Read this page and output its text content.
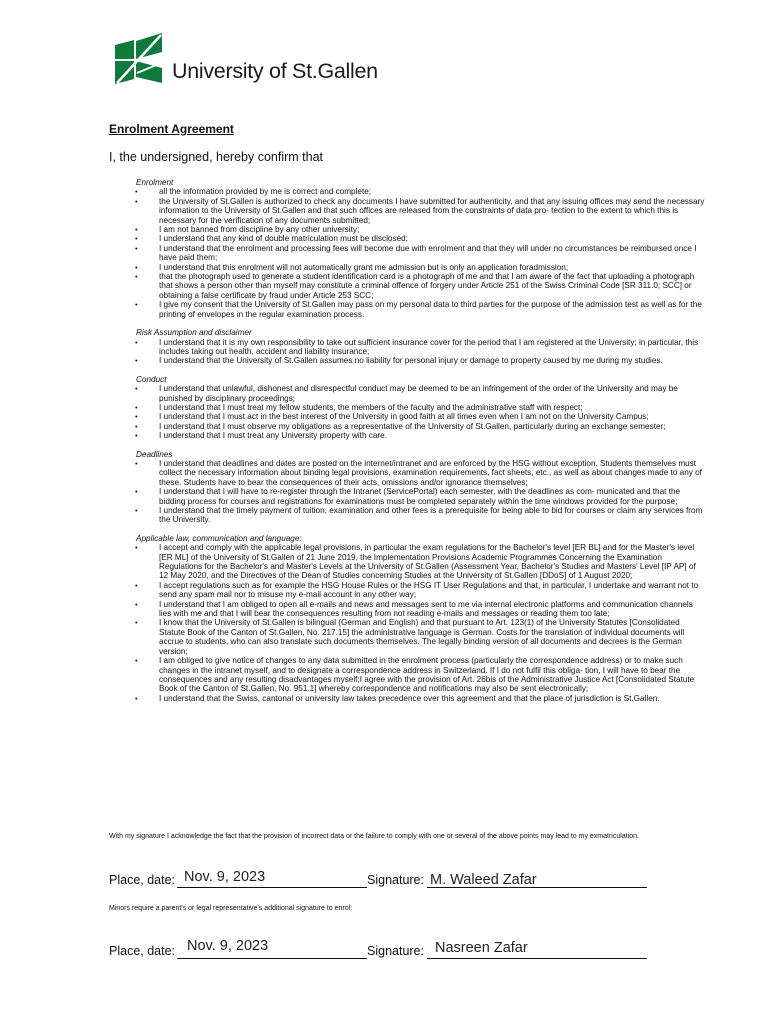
University of St.Gallen
Enrolment Agreement
I, the undersigned, hereby confirm that
Enrolment
• all the information provided by me is correct and complete;
• the University of St.Gallen is authorized to check any documents I have submitted for authenticity, and that any issuing offices may send the necessary information to the University of St.Gallen and that such offices are released from the constraints of data pro- tection to the extent to which this is necessary for the verification of any documents submitted;
• I am not banned from discipline by any other university;
• I understand that any kind of double matriculation must be disclosed;
• I understand that the enrolment and processing fees will become due with enrolment and that they will under no circumstances be reimbursed once I have paid them;
• I understand that this enrolment will not automatically grant me admission but is only an application foradmission;
• that the photograph used to generate a student identification card is a photograph of me and that I am aware of the fact that uploading a photograph that shows a person other than myself may constitute a criminal offence of forgery under Article 251 of the Swiss Criminal Code [SR 311.0; SCC] or obtaining a false certificate by fraud under Article 253 SCC;
• I give my consent that the University of St.Gallen may pass on my personal data to third parties for the purpose of the admission test as well as for the printing of envelopes in the regular examination process.
Risk Assumption and disclaimer
• I understand that it is my own responsibility to take out sufficient insurance cover for the period that I am registered at the University; in particular, this includes taking out health, accident and liability insurance;
• I understand that the University of St.Gallen assumes no liability for personal injury or damage to property caused by me during my studies.
Conduct
• I understand that unlawful, dishonest and disrespectful conduct may be deemed to be an infringement of the order of the University and may be punished by disciplinary proceedings;
• I understand that I must treat my fellow students, the members of the faculty and the administrative staff with respect;
• I understand that I must act in the best interest of the University in good faith at all times even when I am not on the University Campus;
• I understand that I must observe my obligations as a representative of the University of St.Gallen, particularly during an exchange semester;
• I understand that I must treat any University property with care.
Deadlines
• I understand that deadlines and dates are posted on the internet/intranet and are enforced by the HSG without exception. Students themselves must collect the necessary information about binding legal provisions, examination requirements, fact sheets, etc., as well as about changes made to any of these. Students have to bear the consequences of their acts, omissions and/or ignorance themselves;
• I understand that I will have to re-register through the Intranet (ServicePortal) each semester, with the deadlines as com- municated and that the bidding process for courses and registrations for examinations must be completed separately within the time windows provided for the purpose;
• I understand that the timely payment of tuition, examination and other fees is a prerequisite for being able to bid for courses or claim any services from the University.
Applicable law, communication and language:
• I accept and comply with the applicable legal provisions, in particular the exam regulations for the Bachelor's level [ER BL] and for the Master's level [ER ML] of the University of St.Gallen of 21 June 2019, the Implementation Provisions Academic Programmes Concerning the Examination Regulations for the Bachelor's and Master's Levels at the University of St.Gallen (Assessment Year, Bachelor's Studies and Masters' Level [IP AP] of 12 May 2020, and the Directives of the Dean of Studies concerning Studies at the University of St.Gallen [DDoS] of 1 August 2020;
• I accept regulations such as for example the HSG House Rules or the HSG IT User Regulations and that, in particular, I undertake and warrant not to send any spam mail nor to misuse my e-mail account in any other way;
• I understand that I am obliged to open all e-mails and news and messages sent to me via internal electronic platforms and communication channels lies with me and that I will bear the consequences resulting from not reading e-mails and messages or reading them too late;
• I know that the University of St.Gallen is bilingual (German and English) and that pursuant to Art. 123(1) of the University Statutes [Consolidated Statute Book of the Canton of St.Gallen, No. 217.15] the administrative language is German. Costs for the translation of individual documents will accrue to students, who can also translate such documents themselves. The legally binding version of all documents and decrees is the German version;
• I am obliged to give notice of changes to any data submitted in the enrolment process (particularly the correspondence address) or to make such changes in the intranet myself, and to designate a correspondence address in Switzerland. If I do not fulfil this obliga- tion, I will have to bear the consequences and any resulting disadvantages myself;I agree with the provision of Art. 26bis of the Administrative Justice Act [Consolidated Statute Book of the Canton of St.Gallen, No. 951.1] whereby correspondence and notifications may also be sent electronically;
• I understand that the Swiss, cantonal or university law takes precedence over this agreement and that the place of jurisdiction is St.Gallen.
With my signature I acknowledge the fact that the provision of incorrect data or the failure to comply with one or several of the above points may lead to my exmatriculation.
Place, date: Nov. 9, 2023	Signature: M. Waleed Zafar
Minors require a parent's or legal representative's additional signature to enrol:
Place, date: Nov. 9, 2023	Signature: Nasreen Zafar
